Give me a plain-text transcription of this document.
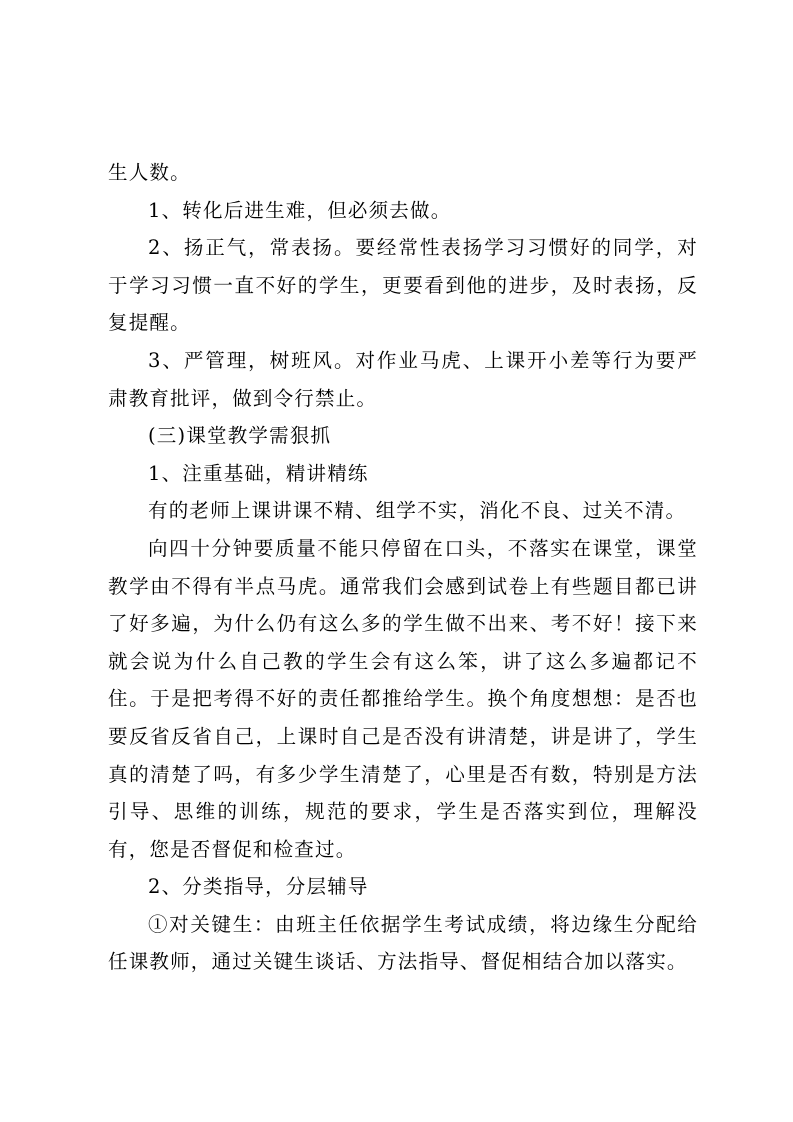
生人数。

1、转化后进生难，但必须去做。

2、扬正气，常表扬。要经常性表扬学习习惯好的同学，对于学习习惯一直不好的学生，更要看到他的进步，及时表扬，反复提醒。

3、严管理，树班风。对作业马虎、上课开小差等行为要严肃教育批评，做到令行禁止。

(三)课堂教学需狠抓

1、注重基础，精讲精练

有的老师上课讲课不精、组学不实，消化不良、过关不清。

向四十分钟要质量不能只停留在口头，不落实在课堂，课堂教学由不得有半点马虎。通常我们会感到试卷上有些题目都已讲了好多遍，为什么仍有这么多的学生做不出来、考不好！接下来就会说为什么自己教的学生会有这么笨，讲了这么多遍都记不住。于是把考得不好的责任都推给学生。换个角度想想：是否也要反省反省自己，上课时自己是否没有讲清楚，讲是讲了，学生真的清楚了吗，有多少学生清楚了，心里是否有数，特别是方法引导、思维的训练，规范的要求，学生是否落实到位，理解没有，您是否督促和检查过。

2、分类指导，分层辅导

①对关键生：由班主任依据学生考试成绩，将边缘生分配给任课教师，通过关键生谈话、方法指导、督促相结合加以落实。
